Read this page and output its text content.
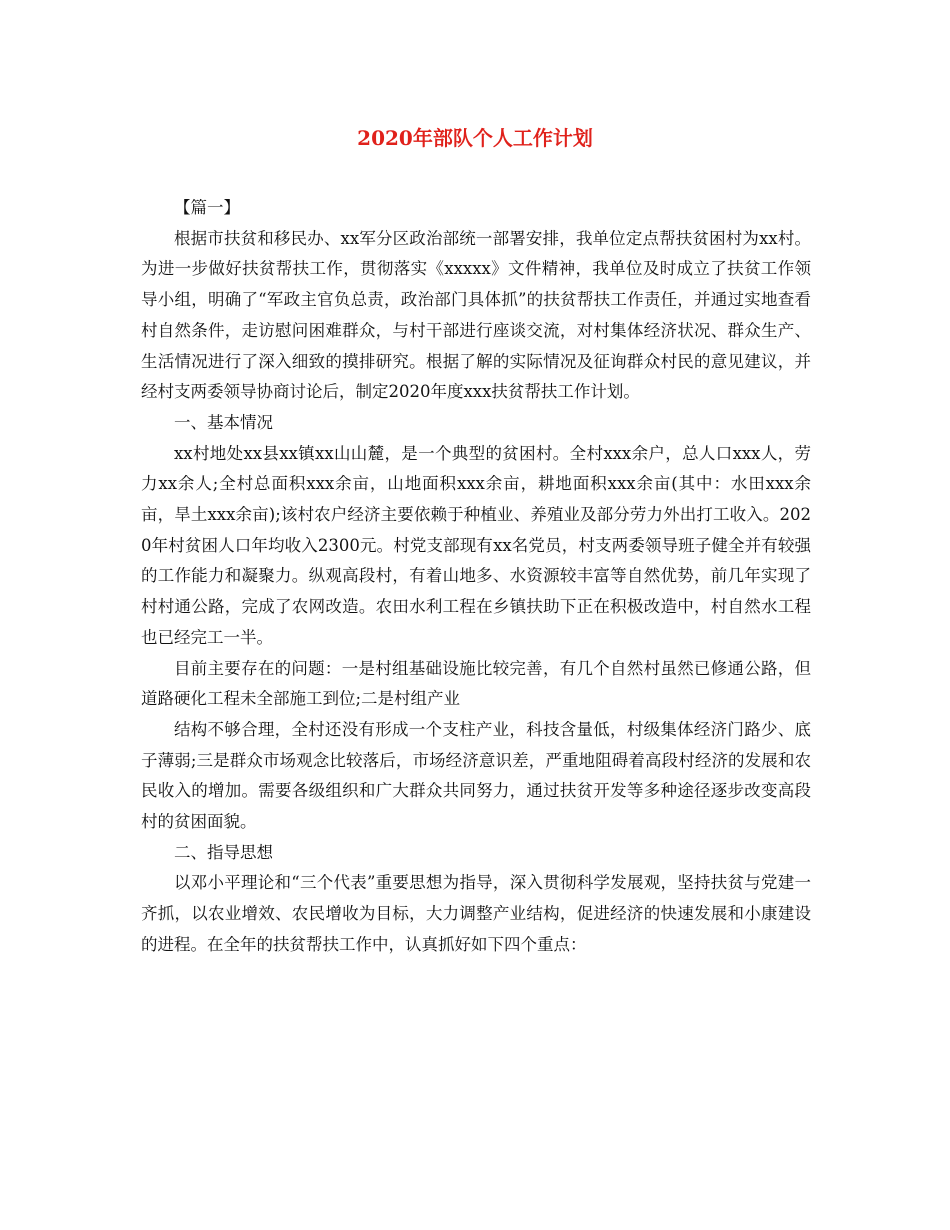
2020年部队个人工作计划

【篇一】

根据市扶贫和移民办、xx军分区政治部统一部署安排，我单位定点帮扶贫困村为xx村。为进一步做好扶贫帮扶工作，贯彻落实《xxxxx》文件精神，我单位及时成立了扶贫工作领导小组，明确了“军政主官负总责，政治部门具体抓”的扶贫帮扶工作责任，并通过实地查看村自然条件，走访慰问困难群众，与村干部进行座谈交流，对村集体经济状况、群众生产、生活情况进行了深入细致的摸排研究。根据了解的实际情况及征询群众村民的意见建议，并经村支两委领导协商讨论后，制定2020年度xxx扶贫帮扶工作计划。

一、基本情况

xx村地处xx县xx镇xx山山麓，是一个典型的贫困村。全村xxx余户，总人口xxx人，劳力xx余人;全村总面积xxx余亩，山地面积xxx余亩，耕地面积xxx余亩(其中：水田xxx余亩，旱土xxx余亩);该村农户经济主要依赖于种植业、养殖业及部分劳力外出打工收入。2020年村贫困人口年均收入2300元。村党支部现有xx名党员，村支两委领导班子健全并有较强的工作能力和凝聚力。纵观高段村，有着山地多、水资源较丰富等自然优势，前几年实现了村村通公路，完成了农网改造。农田水利工程在乡镇扶助下正在积极改造中，村自然水工程也已经完工一半。

目前主要存在的问题：一是村组基础设施比较完善，有几个自然村虽然已修通公路，但道路硬化工程未全部施工到位;二是村组产业

结构不够合理，全村还没有形成一个支柱产业，科技含量低，村级集体经济门路少、底子薄弱;三是群众市场观念比较落后，市场经济意识差，严重地阻碍着高段村经济的发展和农民收入的增加。需要各级组织和广大群众共同努力，通过扶贫开发等多种途径逐步改变高段村的贫困面貌。

二、指导思想

以邓小平理论和“三个代表”重要思想为指导，深入贯彻科学发展观，坚持扶贫与党建一齐抓，以农业增效、农民增收为目标，大力调整产业结构，促进经济的快速发展和小康建设的进程。在全年的扶贫帮扶工作中，认真抓好如下四个重点：
